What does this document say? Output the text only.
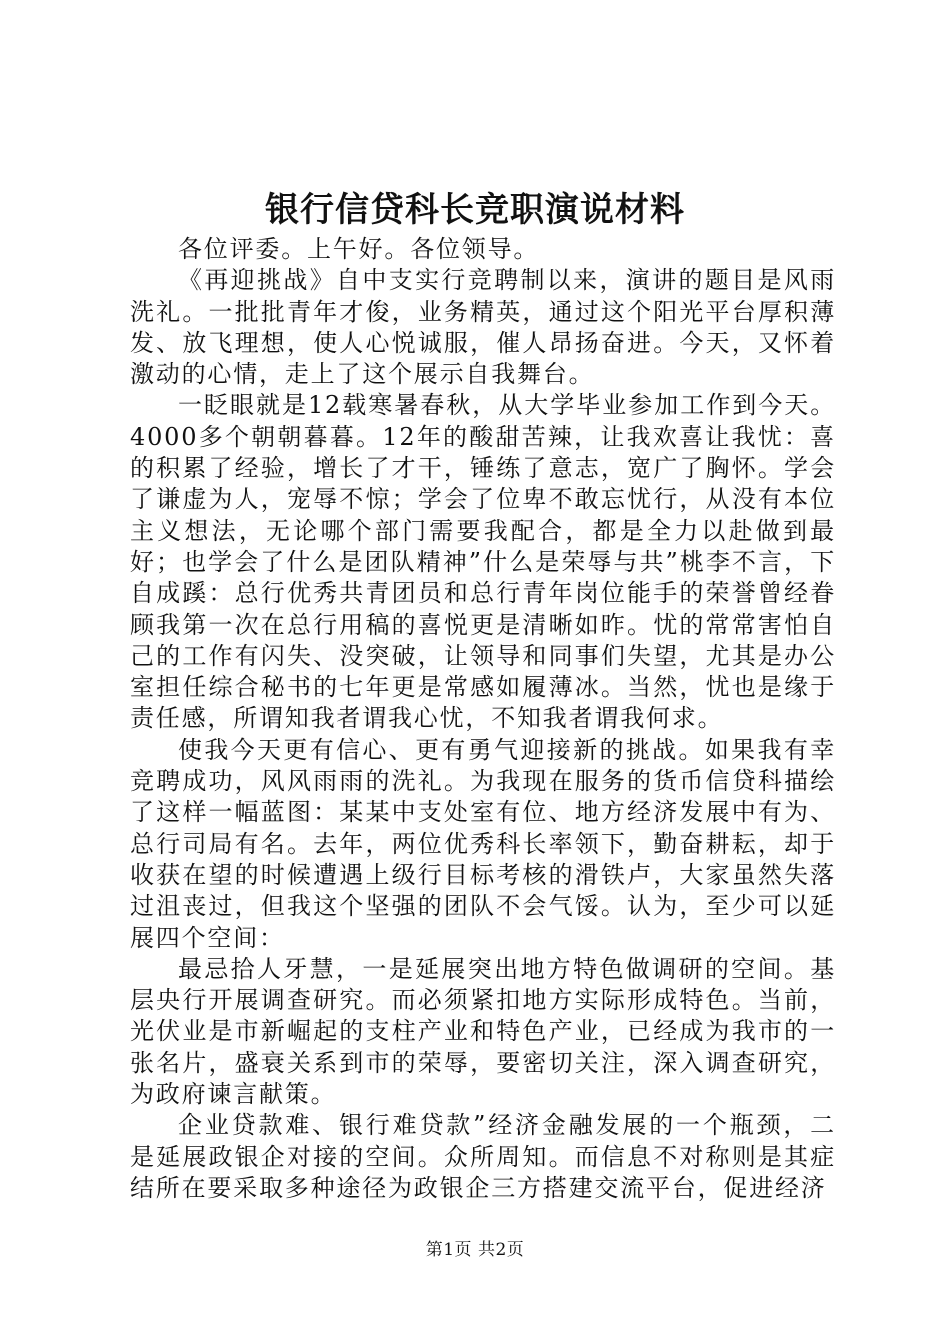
银行信贷科长竞职演说材料

各位评委。上午好。各位领导。

《再迎挑战》自中支实行竞聘制以来，演讲的题目是风雨洗礼。一批批青年才俊，业务精英，通过这个阳光平台厚积薄发、放飞理想，使人心悦诚服，催人昂扬奋进。今天，又怀着激动的心情，走上了这个展示自我舞台。

一眨眼就是12载寒暑春秋，从大学毕业参加工作到今天。4000多个朝朝暮暮。12年的酸甜苦辣，让我欢喜让我忧：喜的积累了经验，增长了才干，锤练了意志，宽广了胸怀。学会了谦虚为人，宠辱不惊；学会了位卑不敢忘忧行，从没有本位主义想法，无论哪个部门需要我配合，都是全力以赴做到最好；也学会了什么是团队精神”什么是荣辱与共”桃李不言，下自成蹊：总行优秀共青团员和总行青年岗位能手的荣誉曾经眷顾我第一次在总行用稿的喜悦更是清晰如昨。忧的常常害怕自己的工作有闪失、没突破，让领导和同事们失望，尤其是办公室担任综合秘书的七年更是常感如履薄冰。当然，忧也是缘于责任感，所谓知我者谓我心忧，不知我者谓我何求。

使我今天更有信心、更有勇气迎接新的挑战。如果我有幸竞聘成功，风风雨雨的洗礼。为我现在服务的货币信贷科描绘了这样一幅蓝图：某某中支处室有位、地方经济发展中有为、总行司局有名。去年，两位优秀科长率领下，勤奋耕耘，却于收获在望的时候遭遇上级行目标考核的滑铁卢，大家虽然失落过沮丧过，但我这个坚强的团队不会气馁。认为，至少可以延展四个空间：

最忌拾人牙慧，一是延展突出地方特色做调研的空间。基层央行开展调查研究。而必须紧扣地方实际形成特色。当前，光伏业是市新崛起的支柱产业和特色产业，已经成为我市的一张名片，盛衰关系到市的荣辱，要密切关注，深入调查研究，为政府谏言献策。

企业贷款难、银行难贷款”经济金融发展的一个瓶颈，二是延展政银企对接的空间。众所周知。而信息不对称则是其症结所在要采取多种途径为政银企三方搭建交流平台，促进经济

第1页 共2页
